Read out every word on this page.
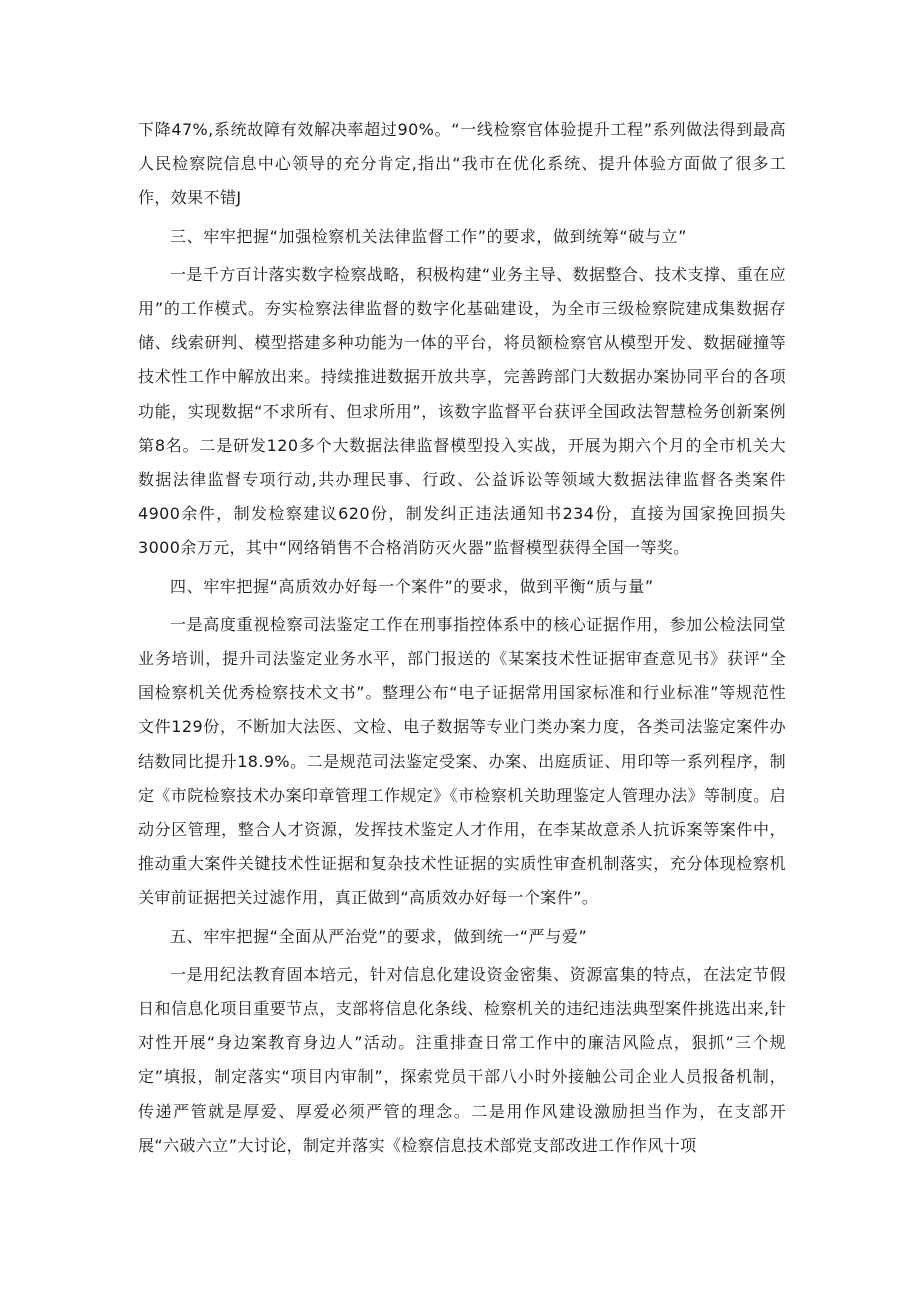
下降47%,系统故障有效解决率超过90%。“一线检察官体验提升工程”系列做法得到最高人民检察院信息中心领导的充分肯定,指出“我市在优化系统、提升体验方面做了很多工作，效果不错J

三、牢牢把握“加强检察机关法律监督工作”的要求，做到统筹“破与立”

一是千方百计落实数字检察战略，积极构建“业务主导、数据整合、技术支撑、重在应用”的工作模式。夯实检察法律监督的数字化基础建设，为全市三级检察院建成集数据存储、线索研判、模型搭建多种功能为一体的平台，将员额检察官从模型开发、数据碰撞等技术性工作中解放出来。持续推进数据开放共享，完善跨部门大数据办案协同平台的各项功能，实现数据“不求所有、但求所用”，该数字监督平台获评全国政法智慧检务创新案例第8名。二是研发120多个大数据法律监督模型投入实战，开展为期六个月的全市机关大数据法律监督专项行动,共办理民事、行政、公益诉讼等领域大数据法律监督各类案件4900余件，制发检察建议620份，制发纠正违法通知书234份，直接为国家挽回损失3000余万元，其中“网络销售不合格消防灭火器”监督模型获得全国一等奖。

四、牢牢把握“高质效办好每一个案件”的要求，做到平衡“质与量”

一是高度重视检察司法鉴定工作在刑事指控体系中的核心证据作用，参加公检法同堂业务培训，提升司法鉴定业务水平，部门报送的《某案技术性证据审查意见书》获评“全国检察机关优秀检察技术文书”。整理公布“电子证据常用国家标准和行业标准”等规范性文件129份，不断加大法医、文检、电子数据等专业门类办案力度，各类司法鉴定案件办结数同比提升18.9%。二是规范司法鉴定受案、办案、出庭质证、用印等一系列程序，制定《市院检察技术办案印章管理工作规定》《市检察机关助理鉴定人管理办法》等制度。启动分区管理，整合人才资源，发挥技术鉴定人才作用，在李某故意杀人抗诉案等案件中，推动重大案件关键技术性证据和复杂技术性证据的实质性审查机制落实，充分体现检察机关审前证据把关过滤作用，真正做到“高质效办好每一个案件”。

五、牢牢把握“全面从严治党”的要求，做到统一“严与爱”

一是用纪法教育固本培元，针对信息化建设资金密集、资源富集的特点，在法定节假日和信息化项目重要节点，支部将信息化条线、检察机关的违纪违法典型案件挑选出来,针对性开展“身边案教育身边人”活动。注重排查日常工作中的廉洁风险点，狠抓“三个规定”填报，制定落实“项目内审制”，探索党员干部八小时外接触公司企业人员报备机制，传递严管就是厚爱、厚爱必须严管的理念。二是用作风建设激励担当作为，在支部开展“六破六立”大讨论，制定并落实《检察信息技术部党支部改进工作作风十项
